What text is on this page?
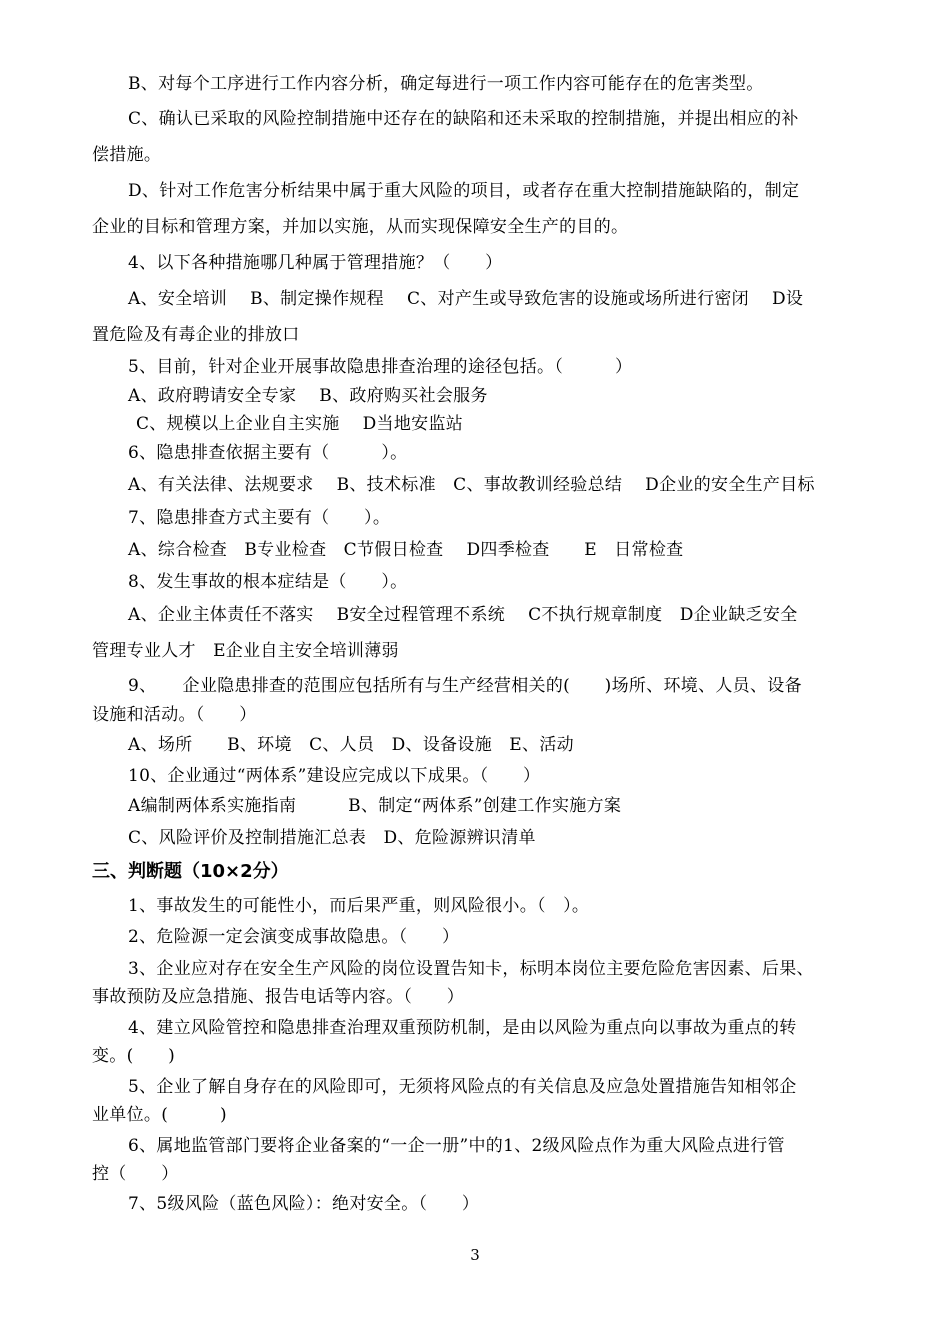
B、对每个工序进行工作内容分析，确定每进行一项工作内容可能存在的危害类型。
C、确认已采取的风险控制措施中还存在的缺陷和还未采取的控制措施，并提出相应的补
偿措施。
D、针对工作危害分析结果中属于重大风险的项目，或者存在重大控制措施缺陷的，制定
企业的目标和管理方案，并加以实施，从而实现保障安全生产的目的。
4、以下各种措施哪几种属于管理措施？（　　）
A、安全培训　 B、制定操作规程　 C、对产生或导致危害的设施或场所进行密闭　 D设
置危险及有毒企业的排放口
5、目前，针对企业开展事故隐患排查治理的途径包括。（　　　）
A、政府聘请安全专家　 B、政府购买社会服务
C、规模以上企业自主实施　 D当地安监站
6、隐患排查依据主要有（　　　）。
A、有关法律、法规要求　 B、技术标准　C、事故教训经验总结　 D企业的安全生产目标
7、隐患排查方式主要有（　　）。
A、综合检查　B专业检查　C节假日检查　 D四季检查　　E　日常检查
8、发生事故的根本症结是（　　）。
A、企业主体责任不落实　 B安全过程管理不系统　 C不执行规章制度　D企业缺乏安全
管理专业人才　E企业自主安全培训薄弱
9、　　企业隐患排查的范围应包括所有与生产经营相关的(　　)场所、环境、人员、设备
设施和活动。（　　）
A、场所　　B、环境　C、人员　D、设备设施　E、活动
10、企业通过“两体系”建设应完成以下成果。（　　）
A编制两体系实施指南　　　B、制定“两体系”创建工作实施方案
C、风险评价及控制措施汇总表　D、危险源辨识清单
三、判断题（10×2分）
1、事故发生的可能性小，而后果严重，则风险很小。（　）。
2、危险源一定会演变成事故隐患。（　　）
3、企业应对存在安全生产风险的岗位设置告知卡，标明本岗位主要危险危害因素、后果、
事故预防及应急措施、报告电话等内容。（　　）
4、建立风险管控和隐患排查治理双重预防机制，是由以风险为重点向以事故为重点的转
变。(　　)
5、企业了解自身存在的风险即可，无须将风险点的有关信息及应急处置措施告知相邻企
业单位。(　　　)
6、属地监管部门要将企业备案的“一企一册”中的1、2级风险点作为重大风险点进行管
控（　　）
7、5级风险（蓝色风险）：绝对安全。（　　）
3
